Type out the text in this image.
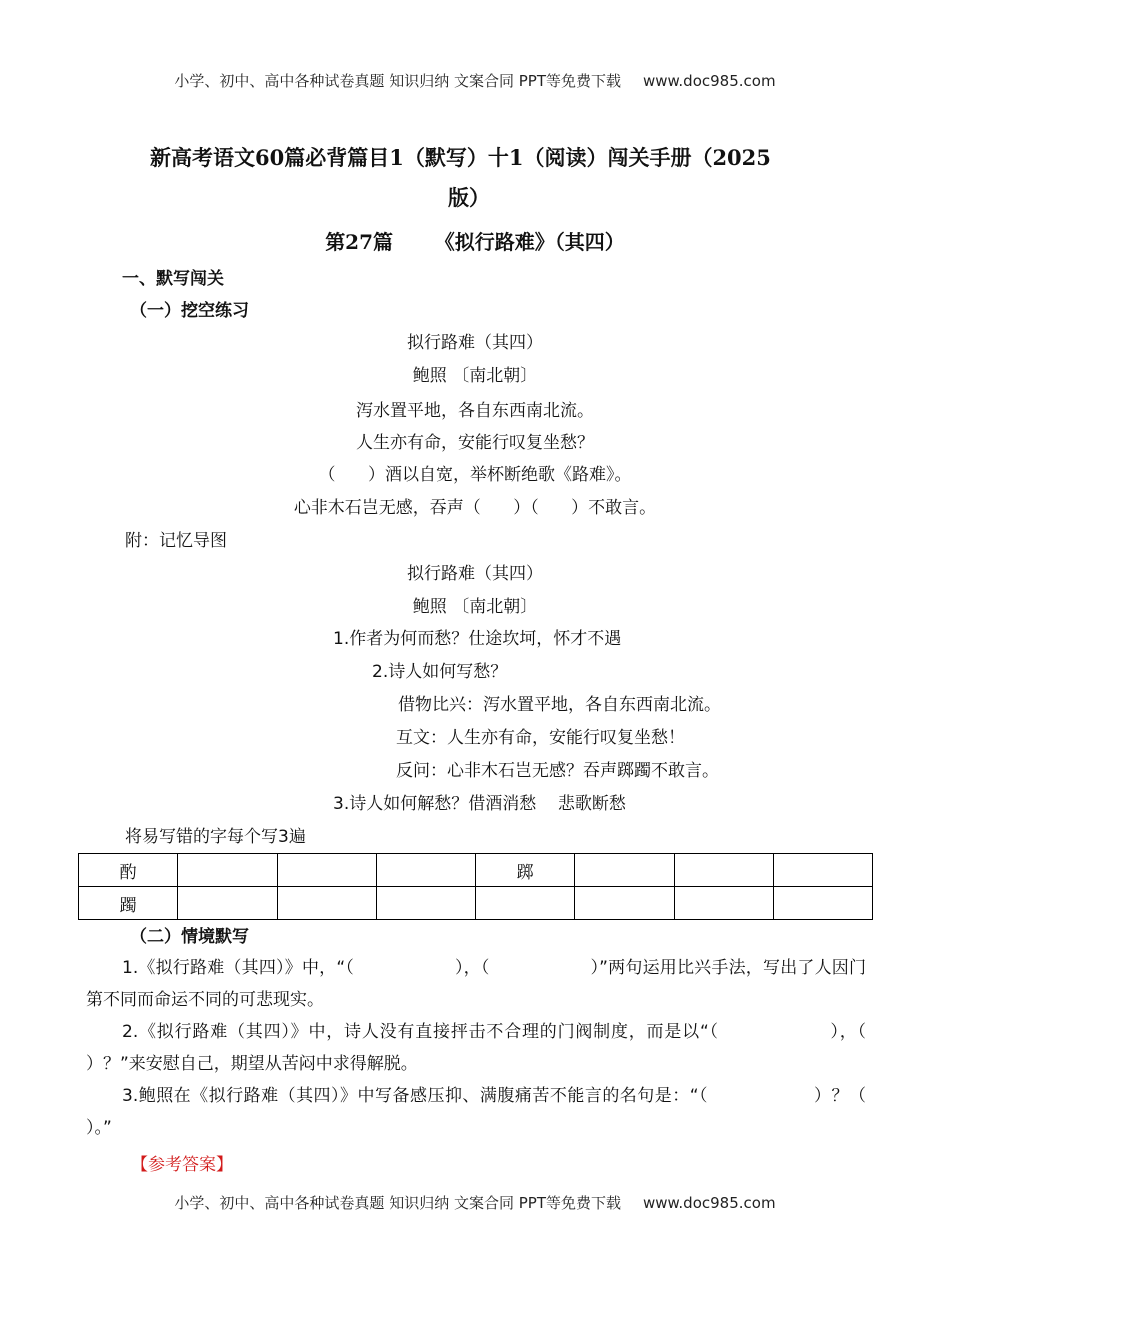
小学、初中、高中各种试卷真题 知识归纳 文案合同 PPT等免费下载 www.doc985.com
新高考语文60篇必背篇目1（默写）十1（阅读）闯关手册（2025
版）
第27篇      《拟行路难》（其四）
一、默写闯关
（一）挖空练习
拟行路难（其四）
鲍照 〔南北朝〕
泻水置平地，各自东西南北流。
人生亦有命，安能行叹复坐愁？
（      ）酒以自宽，举杯断绝歌《路难》。
心非木石岂无感，吞声（      ）（      ）不敢言。
附：记忆导图
拟行路难（其四）
鲍照 〔南北朝〕
1.作者为何而愁？仕途坎坷，怀才不遇
2.诗人如何写愁？
借物比兴：泻水置平地，各自东西南北流。
互文：人生亦有命，安能行叹复坐愁！
反问：心非木石岂无感？吞声踯躅不敢言。
3.诗人如何解愁？借酒消愁    悲歌断愁
将易写错的字每个写3遍
酌				踯			
躅							
（二）情境默写

1.《拟行路难（其四）》中，“（                  ），（                  ）”两句运用比兴手法，写出了人因门第不同而命运不同的可悲现实。

2.《拟行路难（其四）》中，诗人没有直接抨击不合理的门阀制度，而是以“（                  ），（                  ）？”来安慰自己，期望从苦闷中求得解脱。

3.鲍照在《拟行路难（其四）》中写备感压抑、满腹痛苦不能言的名句是：“（                  ）？（                  ）。”

【参考答案】
小学、初中、高中各种试卷真题 知识归纳 文案合同 PPT等免费下载 www.doc985.com
